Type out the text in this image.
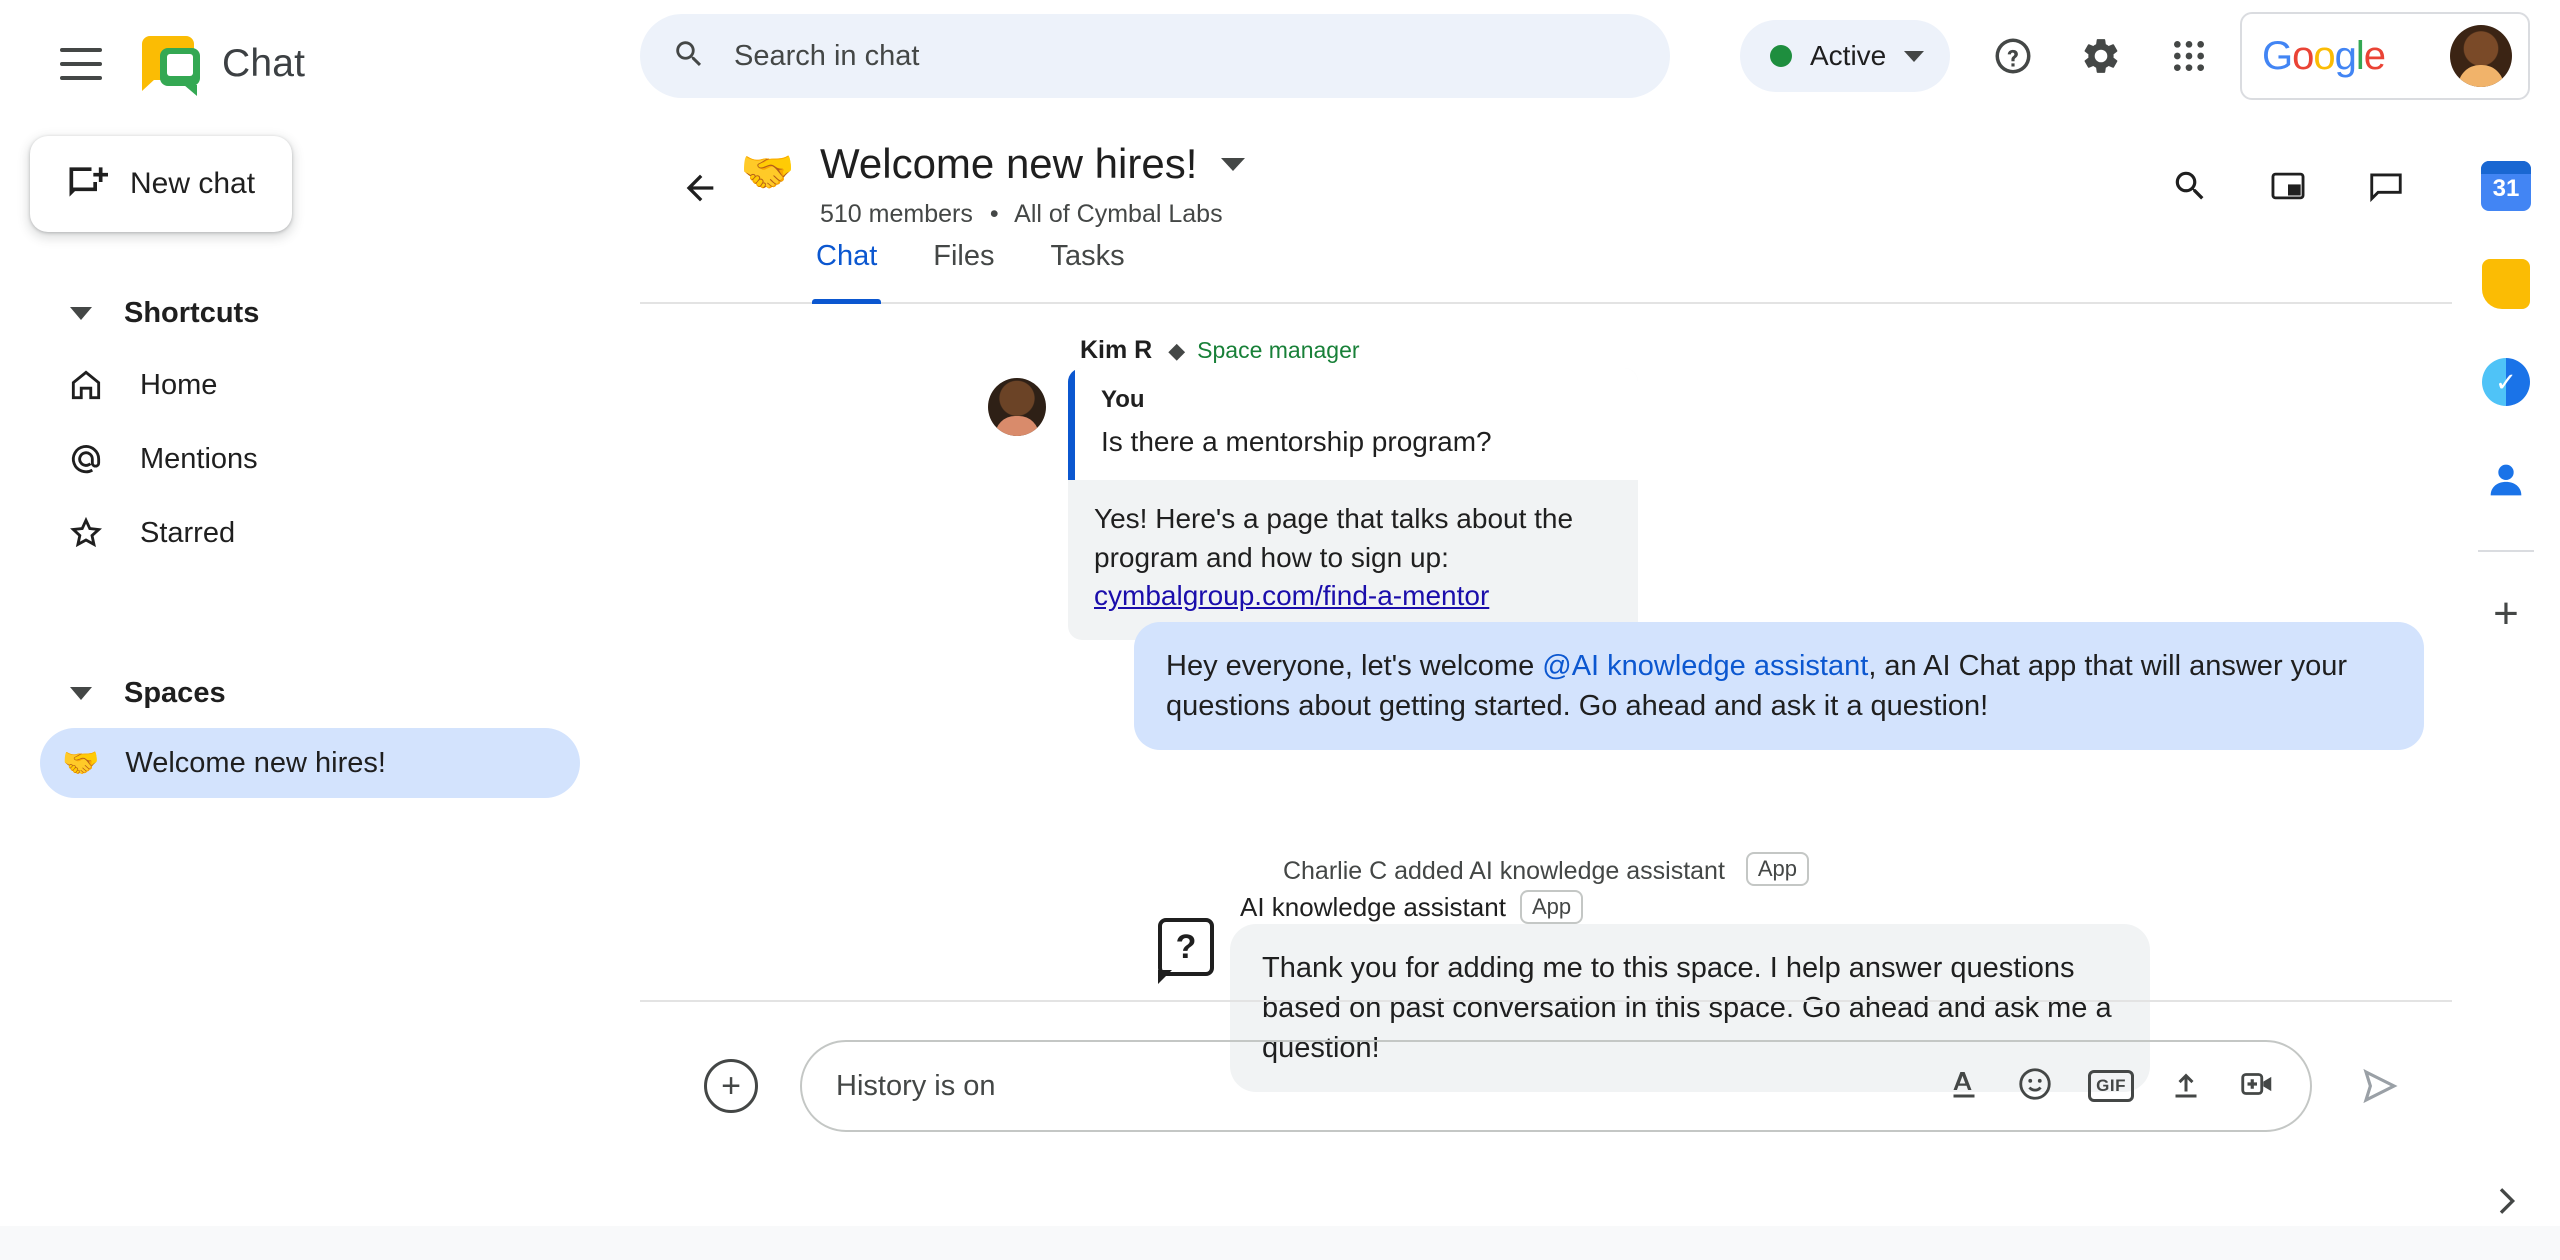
Chat	Search in chat	Active	Google
New chat
Shortcuts
Home
Mentions
Starred
Spaces
🤝 Welcome new hires!
🤝 Welcome new hires!
510 members • All of Cymbal Labs
Chat Files Tasks
Kim R ◆ Space manager
You
Is there a mentorship program?
Yes! Here's a page that talks about the program and how to sign up: cymbalgroup.com/find-a-mentor
Hey everyone, let's welcome @AI knowledge assistant, an AI Chat app that will answer your questions about getting started. Go ahead and ask it a question!
Charlie C added AI knowledge assistant App
?
AI knowledge assistant	App
Thank you for adding me to this space. I help answer questions based on past conversation in this space. Go ahead and ask me a question!
+	History is on	GIF
31
✓
+
